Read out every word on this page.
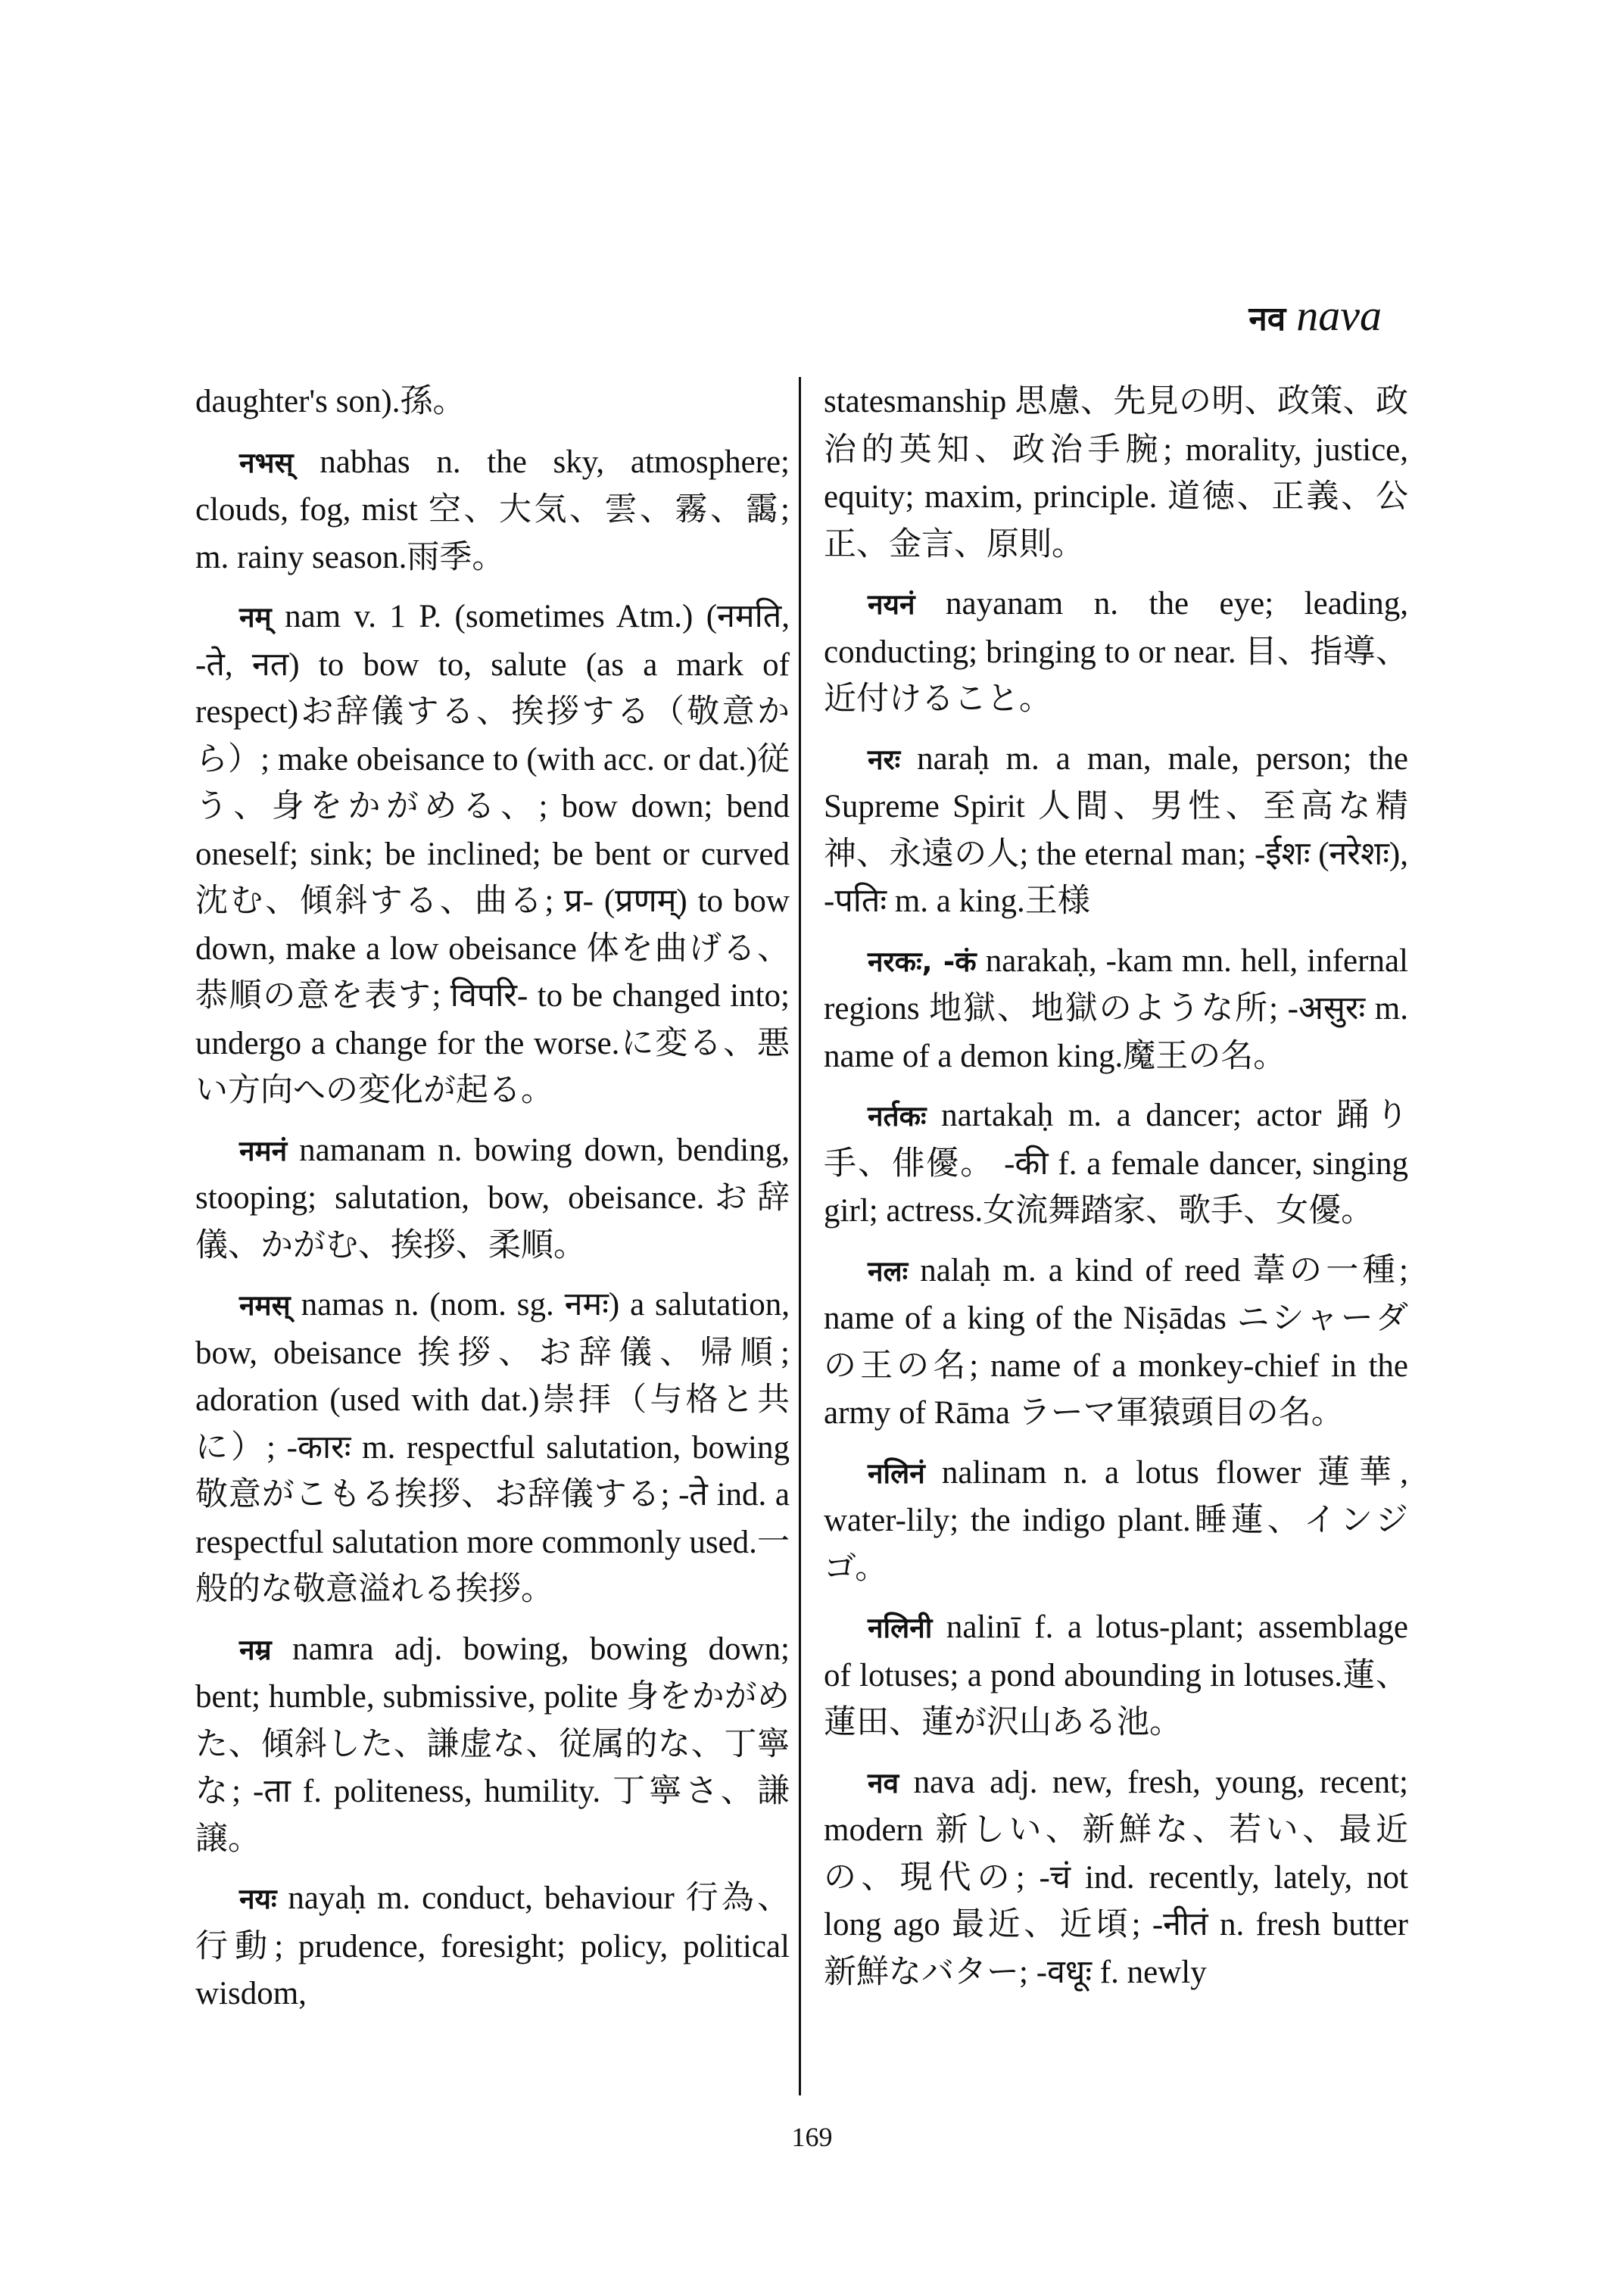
नव nava

daughter's son).孫。

नभस् nabhas n. the sky, atmosphere; clouds, fog, mist 空、大気、雲、霧、靄; m. rainy season.雨季。

नम् nam v. 1 P. (sometimes Atm.) (नमति, -ते, नत) to bow to, salute (as a mark of respect)お辞儀する、挨拶する（敬意から）; make obeisance to (with acc. or dat.)従う、身をかがめる、; bow down; bend oneself; sink; be inclined; be bent or curved 沈む、傾斜する、曲る; प्र- (प्रणम्) to bow down, make a low obeisance 体を曲げる、恭順の意を表す; विपरि- to be changed into; undergo a change for the worse.に変る、悪い方向への変化が起る。

नमनं namanam n. bowing down, bending, stooping; salutation, bow, obeisance.お辞儀、かがむ、挨拶、柔順。

नमस् namas n. (nom. sg. नमः) a salutation, bow, obeisance 挨拶、お辞儀、帰順; adoration (used with dat.)崇拝（与格と共に）; -कारः m. respectful salutation, bowing 敬意がこもる挨拶、お辞儀する; -ते ind. a respectful salutation more commonly used.一般的な敬意溢れる挨拶。

नम्र namra adj. bowing, bowing down; bent; humble, submissive, polite 身をかがめた、傾斜した、謙虚な、従属的な、丁寧な; -ता f. politeness, humility. 丁寧さ、謙譲。

नयः nayaḥ m. conduct, behaviour 行為、行動; prudence, foresight; policy, political wisdom,

statesmanship 思慮、先見の明、政策、政治的英知、政治手腕; morality, justice, equity; maxim, principle. 道徳、正義、公正、金言、原則。

नयनं nayanam n. the eye; leading, conducting; bringing to or near. 目、指導、近付けること。

नरः naraḥ m. a man, male, person; the Supreme Spirit 人間、男性、至高な精神、永遠の人; the eternal man; -ईशः (नरेशः), -पतिः m. a king.王様

नरकः, -कं narakaḥ, -kam mn. hell, infernal regions 地獄、地獄のような所; -असुरः m. name of a demon king.魔王の名。

नर्तकः nartakaḥ m. a dancer; actor 踊り手、俳優。 -की f. a female dancer, singing girl; actress.女流舞踏家、歌手、女優。

नलः nalaḥ m. a kind of reed 葦の一種; name of a king of the Niṣādas ニシャーダの王の名; name of a monkey-chief in the army of Rāma ラーマ軍猿頭目の名。

नलिनं nalinam n. a lotus flower 蓮華, water-lily; the indigo plant.睡蓮、インジゴ。

नलिनी nalinī f. a lotus-plant; assemblage of lotuses; a pond abounding in lotuses.蓮、蓮田、蓮が沢山ある池。

नव nava adj. new, fresh, young, recent; modern 新しい、新鮮な、若い、最近の、現代の; -चं ind. recently, lately, not long ago 最近、近頃; -नीतं n. fresh butter 新鮮なバター; -वधूः f. newly

169
